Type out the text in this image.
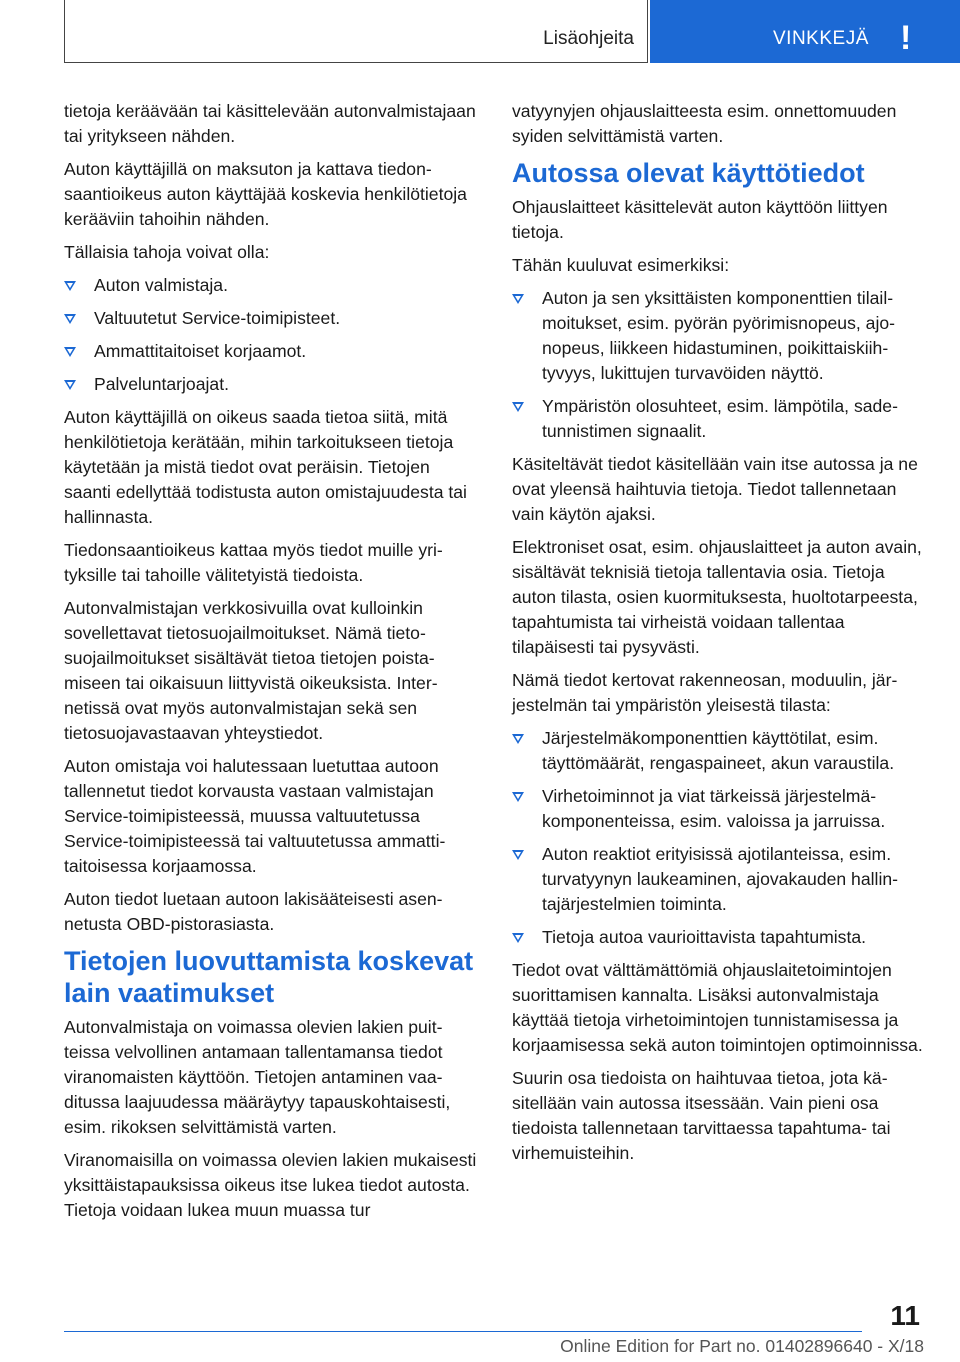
Lisäohjeita	VINKKEJÄ !

tietoja keräävään tai käsittelevään autonvalmistajaan tai yritykseen nähden.

Auton käyttäjillä on maksuton ja kattava tiedonsaantioikeus auton käyttäjää koskevia henkilötietoja kerääviin tahoihin nähden.

Tällaisia tahoja voivat olla:

Auton valmistaja.
Valtuutetut Service-toimipisteet.
Ammattitaitoiset korjaamot.
Palveluntarjoajat.

Auton käyttäjillä on oikeus saada tietoa siitä, mitä henkilötietoja kerätään, mihin tarkoitukseen tietoja käytetään ja mistä tiedot ovat peräisin. Tietojen saanti edellyttää todistusta auton omistajuudesta tai hallinnasta.

Tiedonsaantioikeus kattaa myös tiedot muille yrityksille tai tahoille välitetyistä tiedoista.

Autonvalmistajan verkkosivuilla ovat kulloinkin sovellettavat tietosuojailmoitukset. Nämä tietosuojailmoitukset sisältävät tietoa tietojen poistamiseen tai oikaisuun liittyvistä oikeuksista. Internetissä ovat myös autonvalmistajan sekä sen tietosuojavastaavan yhteystiedot.

Auton omistaja voi halutessaan luetuttaa autoon tallennetut tiedot korvausta vastaan valmistajan Service-toimipisteessä, muussa valtuutetussa Service-toimipisteessä tai valtuutetussa ammattitaitoisessa korjaamossa.

Auton tiedot luetaan autoon lakisääteisesti asennetusta OBD-pistorasiasta.

Tietojen luovuttamista koskevat lain vaatimukset

Autonvalmistaja on voimassa olevien lakien puitteissa velvollinen antamaan tallentamansa tiedot viranomaisten käyttöön. Tietojen antaminen vaaditussa laajuudessa määräytyy tapauskohtaisesti, esim. rikoksen selvittämistä varten.

Viranomaisilla on voimassa olevien lakien mukaisesti yksittäistapauksissa oikeus itse lukea tiedot autosta. Tietoja voidaan lukea muun muassa tur

vatyynyjen ohjauslaitteesta esim. onnettomuuden syiden selvittämistä varten.

Autossa olevat käyttötiedot

Ohjauslaitteet käsittelevät auton käyttöön liittyen tietoja.

Tähän kuuluvat esimerkiksi:

Auton ja sen yksittäisten komponenttien tilailmoitukset, esim. pyörän pyörimisnopeus, ajonopeus, liikkeen hidastuminen, poikittaiskiihtyvyys, lukittujen turvavöiden näyttö.
Ympäristön olosuhteet, esim. lämpötila, sadetunnistimen signaalit.

Käsiteltävät tiedot käsitellään vain itse autossa ja ne ovat yleensä haihtuvia tietoja. Tiedot tallennetaan vain käytön ajaksi.

Elektroniset osat, esim. ohjauslaitteet ja auton avain, sisältävät teknisiä tietoja tallentavia osia. Tietoja auton tilasta, osien kuormituksesta, huoltotarpeesta, tapahtumista tai virheistä voidaan tallentaa tilapäisesti tai pysyvästi.

Nämä tiedot kertovat rakenneosan, moduulin, järjestelmän tai ympäristön yleisestä tilasta:

Järjestelmäkomponenttien käyttötilat, esim. täyttömäärät, rengaspaineet, akun varaustila.
Virhetoiminnot ja viat tärkeissä järjestelmäkomponenteissa, esim. valoissa ja jarruissa.
Auton reaktiot erityisissä ajotilanteissa, esim. turvatyynyn laukeaminen, ajovakauden hallintajärjestelmien toiminta.
Tietoja autoa vaurioittavista tapahtumista.

Tiedot ovat välttämättömiä ohjauslaitetoimintojen suorittamisen kannalta. Lisäksi autonvalmistaja käyttää tietoja virhetoimintojen tunnistamisessa ja korjaamisessa sekä auton toimintojen optimoinnissa.

Suurin osa tiedoista on haihtuvaa tietoa, jota käsitellään vain autossa itsessään. Vain pieni osa tiedoista tallennetaan tarvittaessa tapahtuma- tai virhemuisteihin.

11
Online Edition for Part no. 01402896640 - X/18
